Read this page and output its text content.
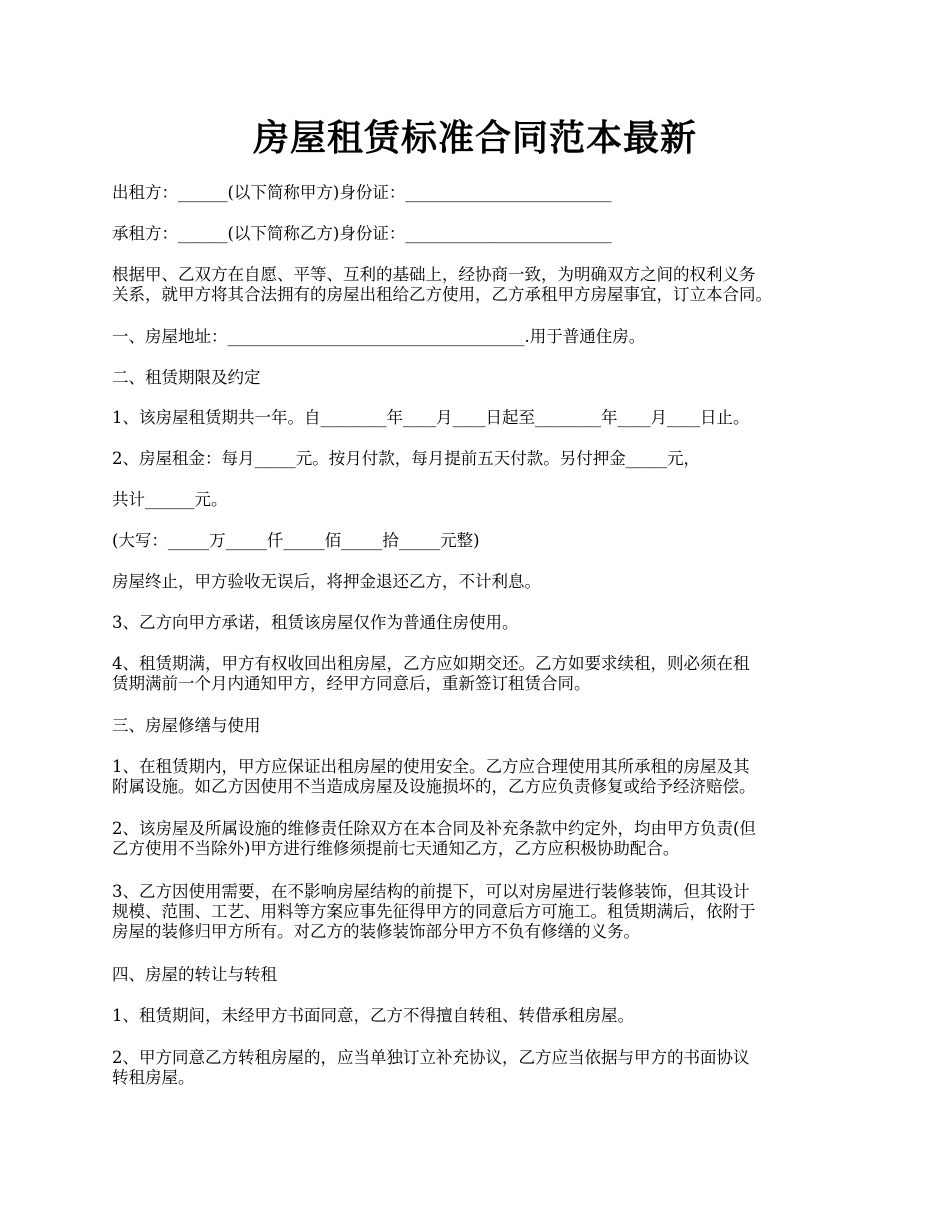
房屋租赁标准合同范本最新
出租方：______(以下简称甲方)身份证：_________________________
承租方：______(以下简称乙方)身份证：_________________________
根据甲、乙双方在自愿、平等、互利的基础上，经协商一致，为明确双方之间的权利义务
关系，就甲方将其合法拥有的房屋出租给乙方使用，乙方承租甲方房屋事宜，订立本合同。
一、房屋地址：____________________________________.用于普通住房。
二、租赁期限及约定
1、该房屋租赁期共一年。自________年____月____日起至________年____月____日止。
2、房屋租金：每月_____元。按月付款，每月提前五天付款。另付押金_____元，
共计______元。
(大写：_____万_____仟_____佰_____拾_____元整)
房屋终止，甲方验收无误后，将押金退还乙方，不计利息。
3、乙方向甲方承诺，租赁该房屋仅作为普通住房使用。
4、租赁期满，甲方有权收回出租房屋，乙方应如期交还。乙方如要求续租，则必须在租
赁期满前一个月内通知甲方，经甲方同意后，重新签订租赁合同。
三、房屋修缮与使用
1、在租赁期内，甲方应保证出租房屋的使用安全。乙方应合理使用其所承租的房屋及其
附属设施。如乙方因使用不当造成房屋及设施损坏的，乙方应负责修复或给予经济赔偿。
2、该房屋及所属设施的维修责任除双方在本合同及补充条款中约定外，均由甲方负责(但
乙方使用不当除外)甲方进行维修须提前七天通知乙方，乙方应积极协助配合。
3、乙方因使用需要，在不影响房屋结构的前提下，可以对房屋进行装修装饰，但其设计
规模、范围、工艺、用料等方案应事先征得甲方的同意后方可施工。租赁期满后，依附于
房屋的装修归甲方所有。对乙方的装修装饰部分甲方不负有修缮的义务。
四、房屋的转让与转租
1、租赁期间，未经甲方书面同意，乙方不得擅自转租、转借承租房屋。
2、甲方同意乙方转租房屋的，应当单独订立补充协议，乙方应当依据与甲方的书面协议
转租房屋。
